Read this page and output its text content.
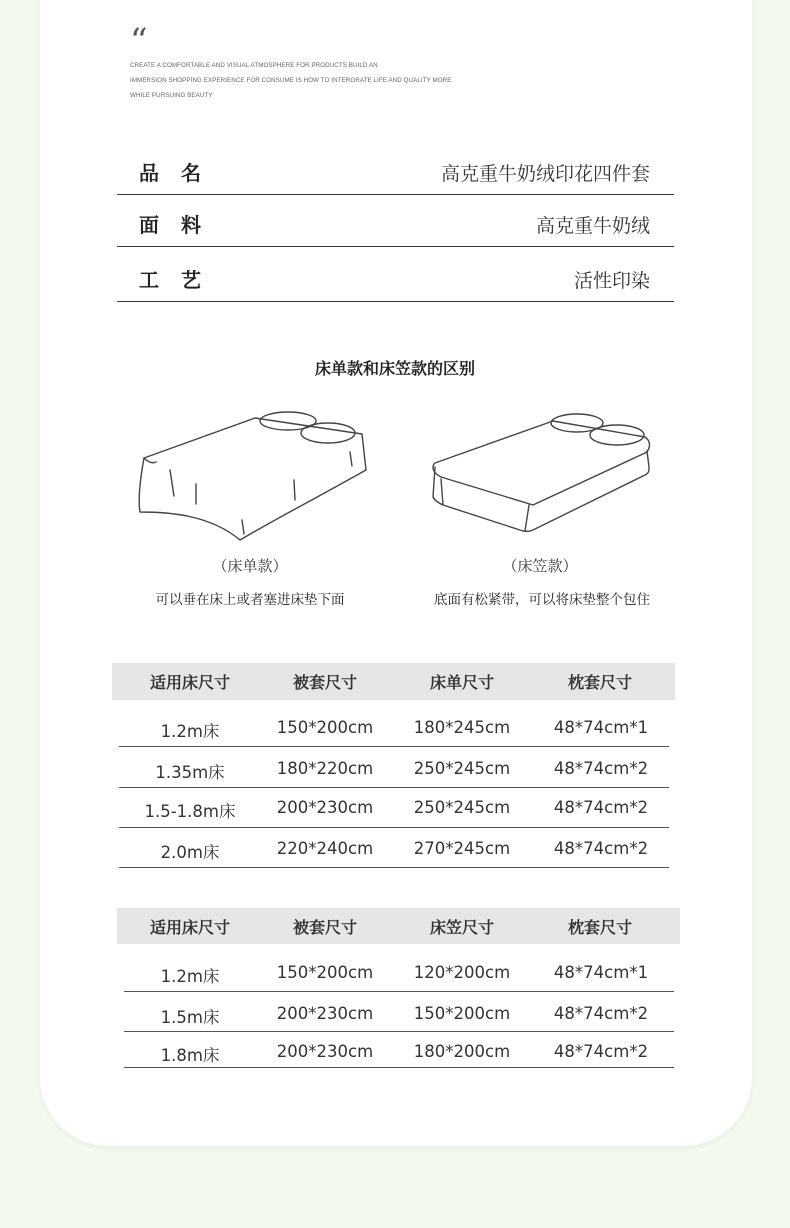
‘‘
CREATE A COMFORTABLE AND VISUAL ATMOSPHERE FOR PRODUCTS BUILD AN
IMMERSION SHOPPING EXPERIENCE FOR CONSUME IS HOW TO INTERGRATE LIFE AND QUALITY MORE
WHILE PURSUING BEAUTY
品名	高克重牛奶绒印花四件套
面料	高克重牛奶绒
工艺	活性印染
床单款和床笠款的区别
（床单款）
可以垂在床上或者塞进床垫下面
（床笠款）
底面有松紧带，可以将床垫整个包住
适用床尺寸	被套尺寸	床单尺寸	枕套尺寸
1.2m床	150*200cm 180*245cm	48*74cm*1
1.35m床	180*220cm 250*245cm	48*74cm*2
1.5-1.8m床	200*230cm 250*245cm	48*74cm*2
2.0m床	220*240cm 270*245cm	48*74cm*2
适用床尺寸	被套尺寸	床笠尺寸	枕套尺寸
1.2m床	150*200cm 120*200cm	48*74cm*1
1.5m床	200*230cm 150*200cm	48*74cm*2
1.8m床	200*230cm 180*200cm	48*74cm*2
